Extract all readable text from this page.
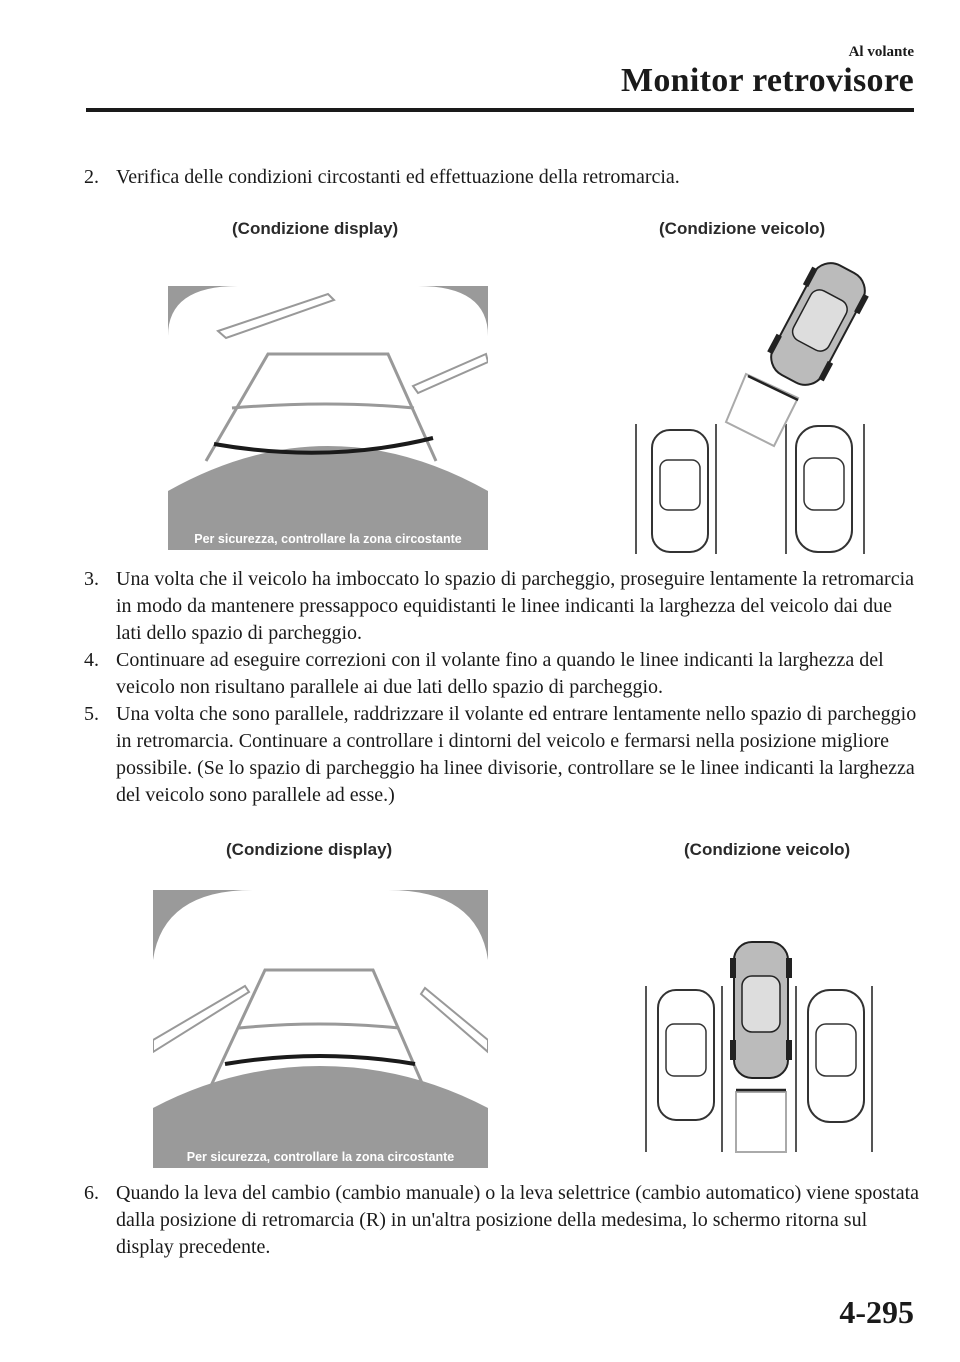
Al volante
Monitor retrovisore
2. Verifica delle condizioni circostanti ed effettuazione della retromarcia.
(Condizione display)	(Condizione veicolo)
Per sicurezza, controllare la zona circostante
3. Una volta che il veicolo ha imboccato lo spazio di parcheggio, proseguire lentamente la retromarcia in modo da mantenere pressappoco equidistanti le linee indicanti la larghezza del veicolo dai due lati dello spazio di parcheggio.
4. Continuare ad eseguire correzioni con il volante fino a quando le linee indicanti la larghezza del veicolo non risultano parallele ai due lati dello spazio di parcheggio.
5. Una volta che sono parallele, raddrizzare il volante ed entrare lentamente nello spazio di parcheggio in retromarcia. Continuare a controllare i dintorni del veicolo e fermarsi nella posizione migliore possibile. (Se lo spazio di parcheggio ha linee divisorie, controllare se le linee indicanti la larghezza del veicolo sono parallele ad esse.)
(Condizione display)	(Condizione veicolo)
Per sicurezza, controllare la zona circostante
6. Quando la leva del cambio (cambio manuale) o la leva selettrice (cambio automatico) viene spostata dalla posizione di retromarcia (R) in un'altra posizione della medesima, lo schermo ritorna sul display precedente.
4-295
